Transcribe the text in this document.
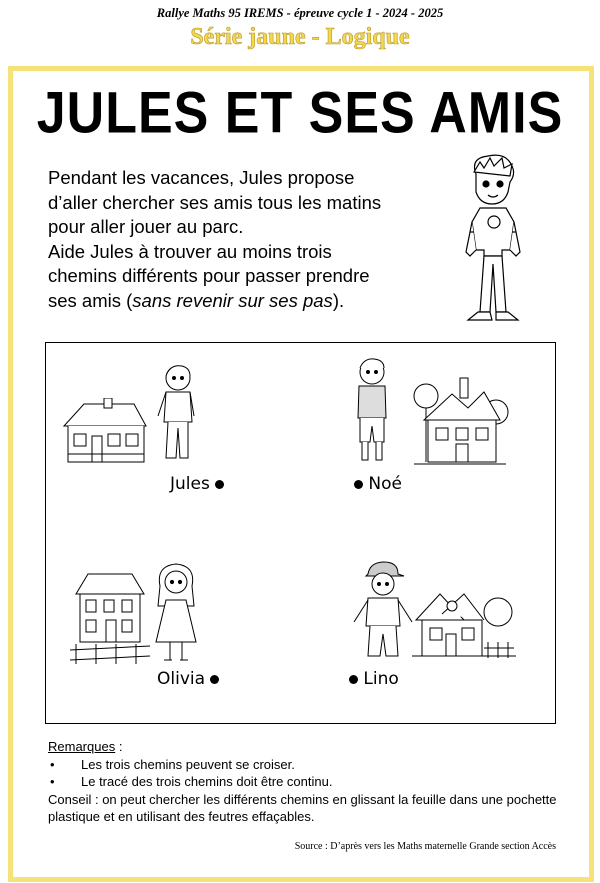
Rallye Maths 95 IREMS - épreuve cycle 1 - 2024 - 2025
Série jaune - Logique
JULES ET SES AMIS
Pendant les vacances, Jules propose
d’aller chercher ses amis tous les matins
pour aller jouer au parc.
Aide Jules à trouver au moins trois
chemins différents pour passer prendre
ses amis (sans revenir sur ses pas).
Jules	Noé
Olivia	Lino
Remarques :
• Les trois chemins peuvent se croiser.
• Le tracé des trois chemins doit être continu.
Conseil : on peut chercher les différents chemins en glissant la feuille dans une pochette plastique et en utilisant des feutres effaçables.
Source : D’après vers les Maths maternelle Grande section Accès
